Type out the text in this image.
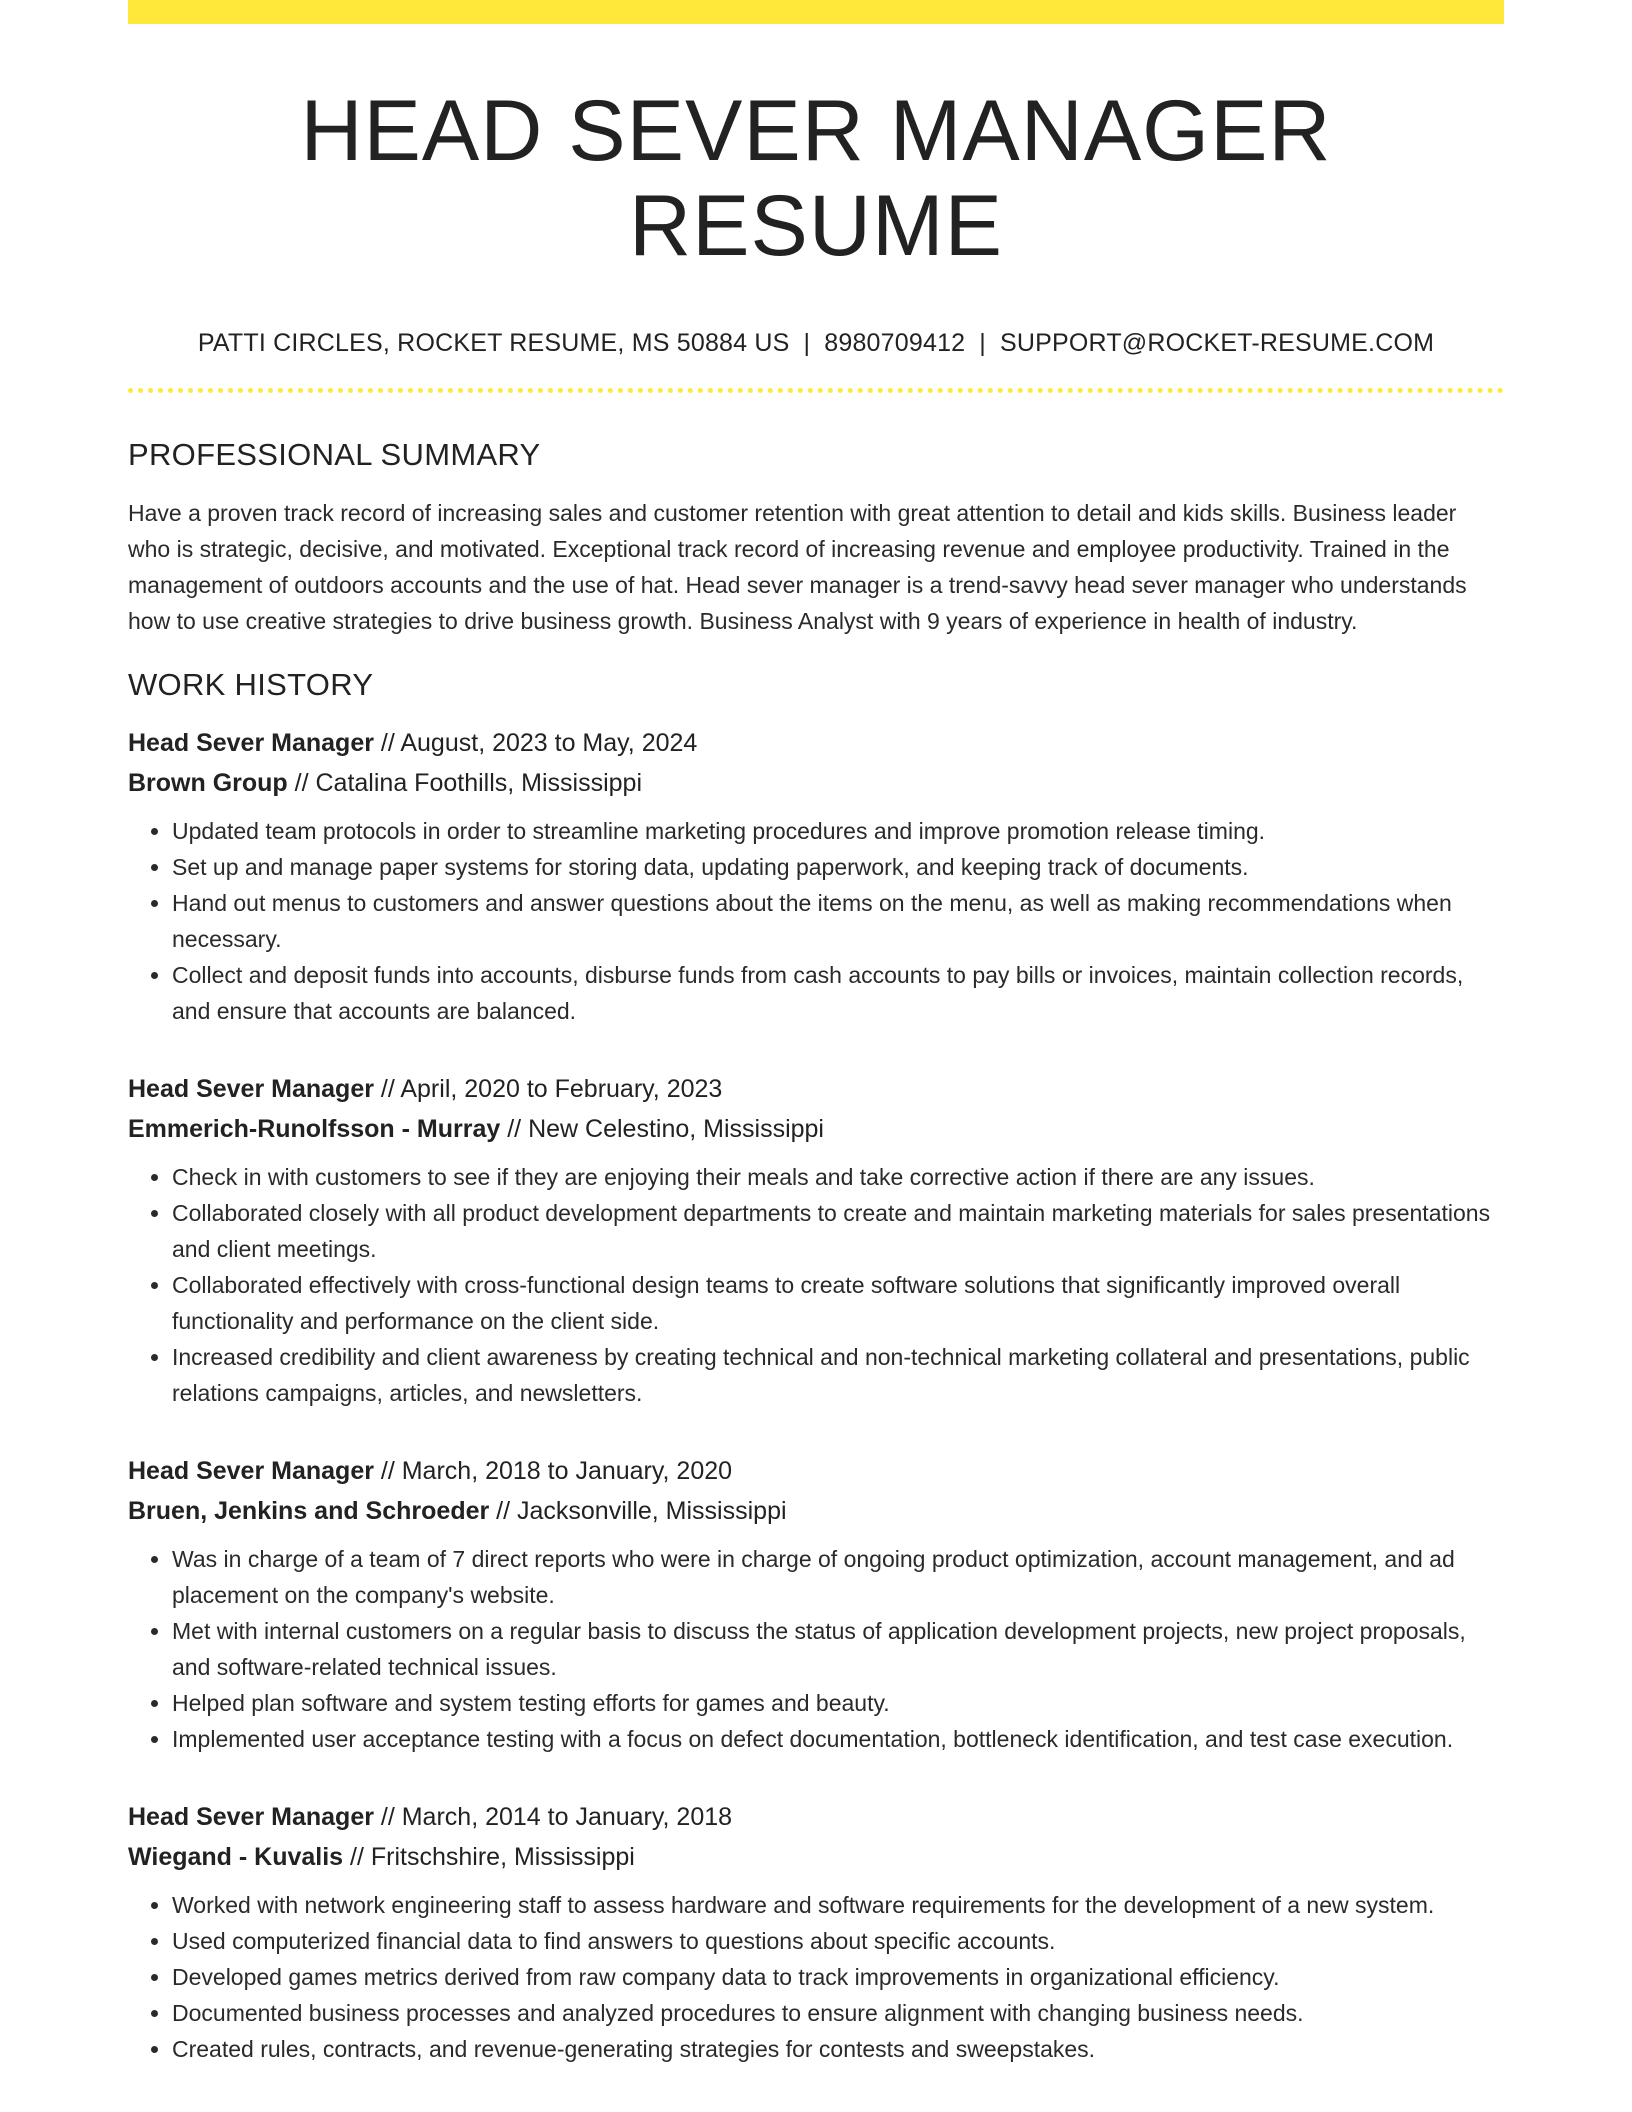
HEAD SEVER MANAGER RESUME
PATTI CIRCLES, ROCKET RESUME, MS 50884 US | 8980709412 | SUPPORT@ROCKET-RESUME.COM
PROFESSIONAL SUMMARY

Have a proven track record of increasing sales and customer retention with great attention to detail and kids skills. Business leader who is strategic, decisive, and motivated. Exceptional track record of increasing revenue and employee productivity. Trained in the management of outdoors accounts and the use of hat. Head sever manager is a trend-savvy head sever manager who understands how to use creative strategies to drive business growth. Business Analyst with 9 years of experience in health of industry.

WORK HISTORY
Head Sever Manager // August, 2023 to May, 2024
Brown Group // Catalina Foothills, Mississippi
• Updated team protocols in order to streamline marketing procedures and improve promotion release timing.
• Set up and manage paper systems for storing data, updating paperwork, and keeping track of documents.
• Hand out menus to customers and answer questions about the items on the menu, as well as making recommendations when necessary.
• Collect and deposit funds into accounts, disburse funds from cash accounts to pay bills or invoices, maintain collection records, and ensure that accounts are balanced.
Head Sever Manager // April, 2020 to February, 2023
Emmerich-Runolfsson - Murray // New Celestino, Mississippi
• Check in with customers to see if they are enjoying their meals and take corrective action if there are any issues.
• Collaborated closely with all product development departments to create and maintain marketing materials for sales presentations and client meetings.
• Collaborated effectively with cross-functional design teams to create software solutions that significantly improved overall functionality and performance on the client side.
• Increased credibility and client awareness by creating technical and non-technical marketing collateral and presentations, public relations campaigns, articles, and newsletters.
Head Sever Manager // March, 2018 to January, 2020
Bruen, Jenkins and Schroeder // Jacksonville, Mississippi
• Was in charge of a team of 7 direct reports who were in charge of ongoing product optimization, account management, and ad placement on the company's website.
• Met with internal customers on a regular basis to discuss the status of application development projects, new project proposals, and software-related technical issues.
• Helped plan software and system testing efforts for games and beauty.
• Implemented user acceptance testing with a focus on defect documentation, bottleneck identification, and test case execution.
Head Sever Manager // March, 2014 to January, 2018
Wiegand - Kuvalis // Fritschshire, Mississippi
• Worked with network engineering staff to assess hardware and software requirements for the development of a new system.
• Used computerized financial data to find answers to questions about specific accounts.
• Developed games metrics derived from raw company data to track improvements in organizational efficiency.
• Documented business processes and analyzed procedures to ensure alignment with changing business needs.
• Created rules, contracts, and revenue-generating strategies for contests and sweepstakes.
